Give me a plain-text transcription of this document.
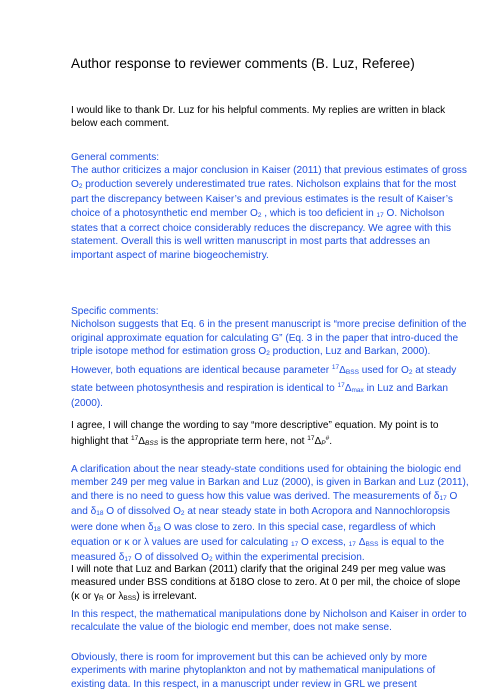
Author response to reviewer comments (B. Luz, Referee)

I would like to thank Dr. Luz for his helpful comments. My replies are written in black below each comment.

General comments:
The author criticizes a major conclusion in Kaiser (2011) that previous estimates of gross O2 production severely underestimated true rates. Nicholson explains that for the most part the discrepancy between Kaiser’s and previous estimates is the result of Kaiser’s choice of a photosynthetic end member O2 , which is too deficient in 17 O. Nicholson states that a correct choice considerably reduces the discrepancy. We agree with this statement. Overall this is well written manuscript in most parts that addresses an important aspect of marine biogeochemistry.
Specific comments:
Nicholson suggests that Eq. 6 in the present manuscript is “more precise definition of the original approximate equation for calculating G” (Eq. 3 in the paper that intro-duced the triple isotope method for estimation gross O2 production, Luz and Barkan, 2000). However, both equations are identical because parameter $^{17}$ΔBSS used for O2 at steady state between photosynthesis and respiration is identical to $^{17}$Δmax in Luz and Barkan (2000).

I agree, I will change the wording to say “more descriptive” equation. My point is to highlight that $^{17}$ΔBSS is the appropriate term here, not $^{17}$ΔP#.

A clarification about the near steady-state conditions used for obtaining the biologic end member 249 per meg value in Barkan and Luz (2000), is given in Barkan and Luz (2011), and there is no need to guess how this value was derived. The measurements of δ17 O and δ18 O of dissolved O2 at near steady state in both Acropora and Nannochloropsis were done when δ18 O was close to zero. In this special case, regardless of which equation or κ or λ values are used for calculating 17 O excess, 17 ΔBSS is equal to the measured δ17 O of dissolved O2 within the experimental precision.

I will note that Luz and Barkan (2011) clarify that the original 249 per meg value was measured under BSS conditions at δ18O close to zero. At 0 per mil, the choice of slope (κ or γR or λBSS) is irrelevant.

In this respect, the mathematical manipulations done by Nicholson and Kaiser in order to recalculate the value of the biologic end member, does not make sense.

Obviously, there is room for improvement but this can be achieved only by more experiments with marine phytoplankton and not by mathematical manipulations of existing data. In this respect, in a manuscript under review in GRL we present
